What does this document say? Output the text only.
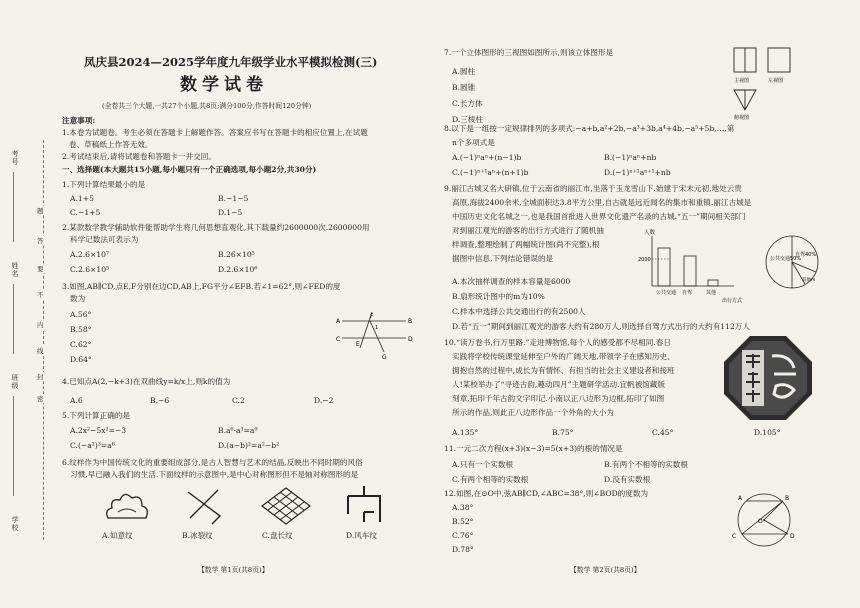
考号
姓名
班级
学校
题
答
要
不
内
线
封
密
凤庆县2024—2025学年度九年级学业水平模拟检测(三)
数学试卷
(全卷共三个大题,一共27个小题,共8页;满分100分,作答时间120分钟)
注意事项:
1.本卷为试题卷。考生必须在答题卡上解题作答。答案应书写在答题卡的相应位置上,在试题
卷、草稿纸上作答无效。
2.考试结束后,请将试题卷和答题卡一并交回。
一、选择题(本大题共15小题,每小题只有一个正确选项,每小题2分,共30分)
1.下列计算结果最小的是
A.1+5	B.−1−5
C.−1+5	D.1−5
2.某款数学教学辅助软件能帮助学生将几何思想直观化,其下载量约2600000次.2600000用
科学记数法可表示为
A.2.6×10⁷	B.26×10⁵
C.2.6×10⁵	D.2.6×10⁶
3.如图,AB∥CD,点E,F分别在边CD,AB上,FG平分∠EFB.若∠1=62°,则∠FED的度
数为
A.56°
B.58°
C.62°
D.64°
A
F
B
1
C
E
D
G
4.已知点A(2,−k+3)在双曲线y=k/x上,则k的值为
A.6	B.−6	C.2	D.−2
5.下列计算正确的是
A.2x²−5x²=−3	B.a⁶·a³=a⁹
C.(−a²)³=a⁶	D.(a−b)²=a²−b²
6.纹样作为中国传统文化的重要组成部分,是古人智慧与艺术的结晶,反映出不同时期的风俗
习惯,早已融入我们的生活.下面纹样的示意图中,是中心对称图形但不是轴对称图形的是
A.如意纹	B.冰裂纹	C.盘长纹	D.风车纹
【数学 第1页(共8页)】
7.一个立体图形的三视图如图所示,则该立体图形是
A.圆柱
B.圆锥
C.长方体
D.三棱柱
主视图	左视图
俯视图
8.以下是一组按一定规律排列的多项式:−a+b,a²+2b,−a³+3b,a⁴+4b,−a⁵+5b,…,第
n个多项式是
A.(−1)ⁿaⁿ+(n−1)b	B.(−1)ⁿaⁿ+nb
C.(−1)ⁿ⁺¹aⁿ+(n+1)b	D.(−1)ⁿ⁺¹aⁿ⁺¹+nb
9.丽江古城又名大研镇,位于云南省的丽江市,坐落于玉龙雪山下.始建于宋末元初,地处云贵
高原,海拔2400余米,全城面积达3.8平方公里,自古就是远近闻名的集市和重镇.丽江古城是
中国历史文化名城之一,也是我国首批进入世界文化遗产名录的古城.“五一”期间相关部门
对到丽江观光的游客的出行方式进行了随机抽
样调查,整理绘制了两幅统计图(尚不完整),根
据图中信息,下列结论错误的是
人数
2000
公共交通 自驾	其他
出行方式
公共交通50%
自驾40%
其他m
A.本次抽样调查的样本容量是6000
B.扇形统计图中的m为10%
C.样本中选择公共交通出行的有2500人
D.若“五一”期间到丽江观光的游客大约有280万人,则选择自驾方式出行的大约有112万人
10.“读万卷书,行万里路.”走进博物馆,每个人的感受都不尽相同.春日
实践将学校传统课堂延伸至户外的广阔天地,带领学子在感知历史、
拥抱自然的过程中,成长为有情怀、有担当的社会主义建设者和接班
人!某校举办了“寻迹古韵,趣动四月”主题研学活动.宜帆被馆藏版
刻章,拓印千年古韵文字印记.小南以正八边形为边框,拓印了如图
所示的作品,则此正八边形作品一个外角的大小为
A.135°	B.75°	C.45°	D.105°
11.一元二次方程(x+3)(x−3)=5(x+3)的根的情况是
A.只有一个实数根	B.有两个不相等的实数根
C.有两个相等的实数根	D.没有实数根
12.如图,在⊙O中,弦AB∥CD,∠ABC=38°,则∠BOD的度数为
A.38°
B.52°
C.76°
D.78°
A	B
C	D
O
【数学 第2页(共8页)】
